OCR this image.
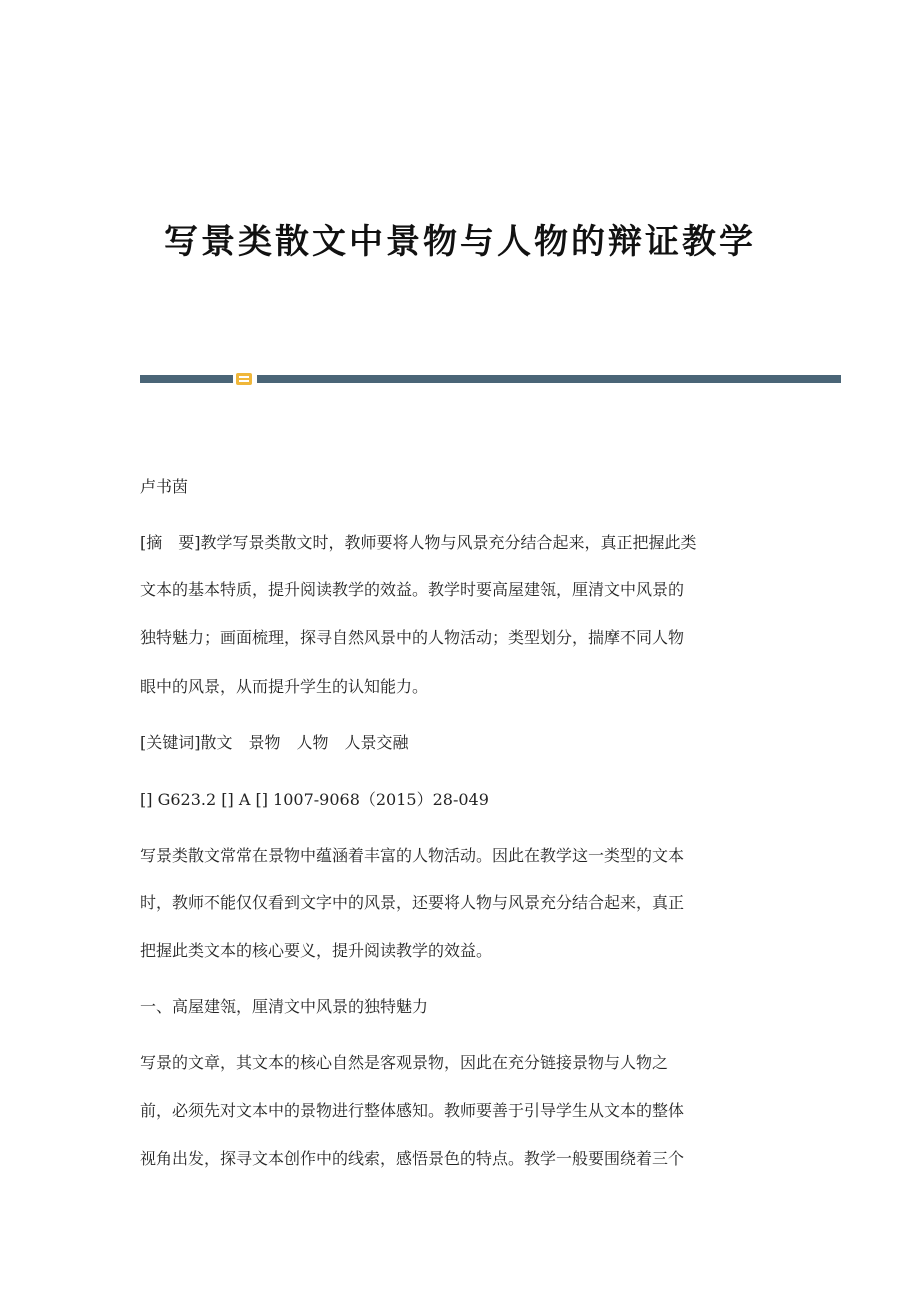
写景类散文中景物与人物的辩证教学
卢书茵
[摘　要]教学写景类散文时，教师要将人物与风景充分结合起来，真正把握此类
文本的基本特质，提升阅读教学的效益。教学时要高屋建瓴，厘清文中风景的
独特魅力；画面梳理，探寻自然风景中的人物活动；类型划分，揣摩不同人物
眼中的风景，从而提升学生的认知能力。
[关键词]散文　景物　人物　人景交融
[] G623.2 [] A [] 1007-9068（2015）28-049
写景类散文常常在景物中蕴涵着丰富的人物活动。因此在教学这一类型的文本
时，教师不能仅仅看到文字中的风景，还要将人物与风景充分结合起来，真正
把握此类文本的核心要义，提升阅读教学的效益。
一、高屋建瓴，厘清文中风景的独特魅力
写景的文章，其文本的核心自然是客观景物，因此在充分链接景物与人物之
前，必须先对文本中的景物进行整体感知。教师要善于引导学生从文本的整体
视角出发，探寻文本创作中的线索，感悟景色的特点。教学一般要围绕着三个
